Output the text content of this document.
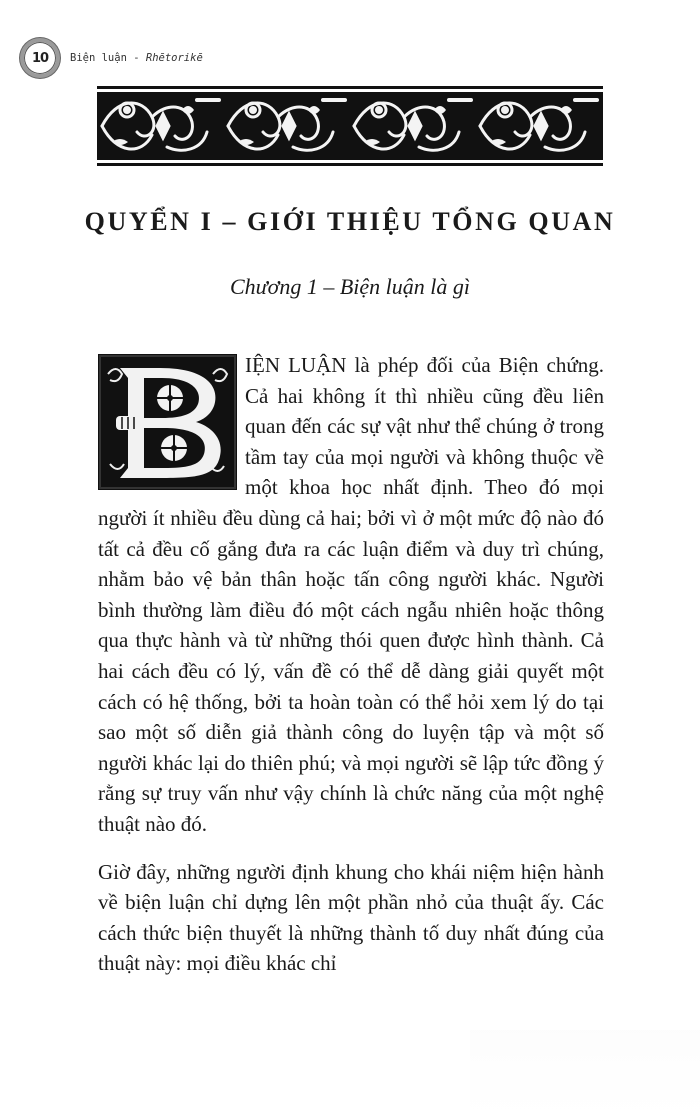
10 Biện luận - Rhētorikē
QUYỂN I – GIỚI THIỆU TỔNG QUAN
Chương 1 – Biện luận là gì

IỆN LUẬN là phép đối của Biện chứng. Cả hai không ít thì nhiều cũng đều liên quan đến các sự vật như thể chúng ở trong tầm tay của mọi người và không thuộc về một khoa học nhất định. Theo đó mọi người ít nhiều đều dùng cả hai; bởi vì ở một mức độ nào đó tất cả đều cố gắng đưa ra các luận điểm và duy trì chúng, nhằm bảo vệ bản thân hoặc tấn công người khác. Người bình thường làm điều đó một cách ngẫu nhiên hoặc thông qua thực hành và từ những thói quen được hình thành. Cả hai cách đều có lý, vấn đề có thể dễ dàng giải quyết một cách có hệ thống, bởi ta hoàn toàn có thể hỏi xem lý do tại sao một số diễn giả thành công do luyện tập và một số người khác lại do thiên phú; và mọi người sẽ lập tức đồng ý rằng sự truy vấn như vậy chính là chức năng của một nghệ thuật nào đó.

Giờ đây, những người định khung cho khái niệm hiện hành về biện luận chỉ dựng lên một phần nhỏ của thuật ấy. Các cách thức biện thuyết là những thành tố duy nhất đúng của thuật này: mọi điều khác chỉ
